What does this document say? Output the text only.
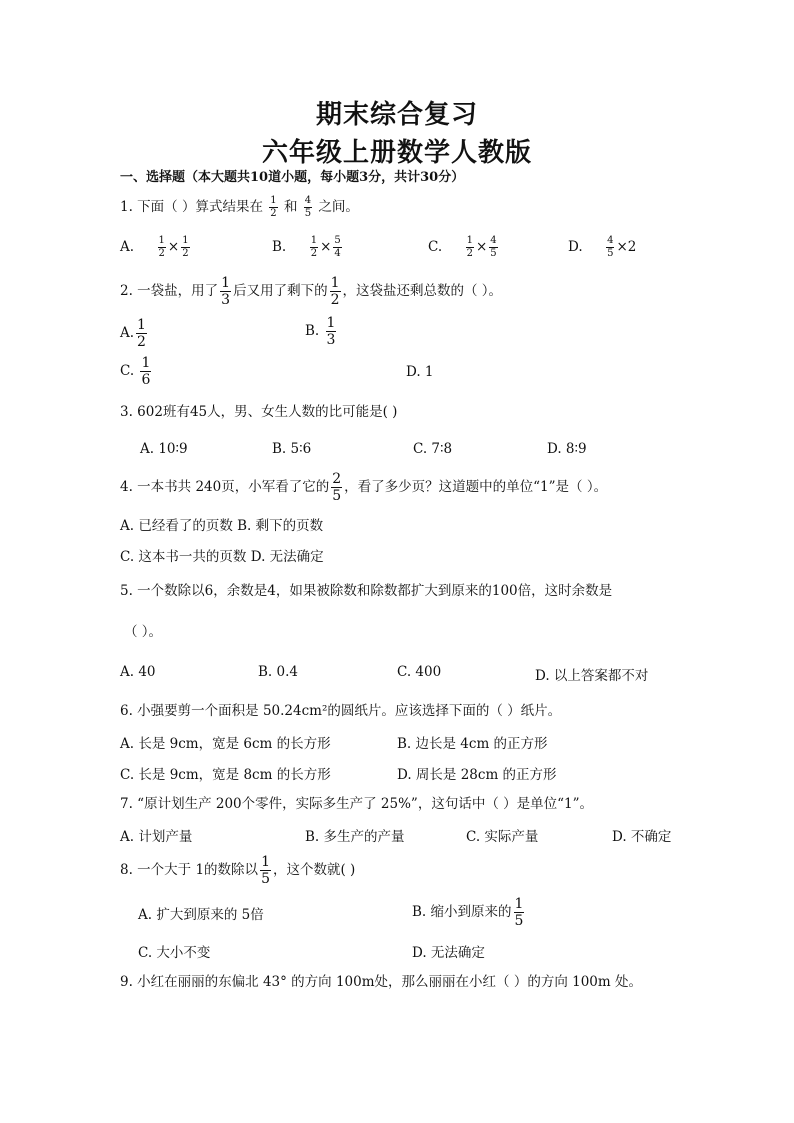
期末综合复习
六年级上册数学人教版
一、选择题（本大题共10道小题，每小题3分，共计30分）
1. 下面（ ）算式结果在 $\frac{1}{2}$ 和 $\frac{4}{5}$ 之间。
A. $\frac{1}{2} \times \frac{1}{2}$	B. $\frac{1}{2} \times \frac{5}{4}$	C. $\frac{1}{2} \times \frac{4}{5}$	D. $\frac{4}{5} \times 2$
2. 一袋盐，用了 $\frac{1}{3}$ 后又用了剩下的 $\frac{1}{2}$ ，这袋盐还剩总数的（ ）。
A. $\frac{1}{2}$	B. $\frac{1}{3}$
C. $\frac{1}{6}$	D. 1
3. 602班有45人，男、女生人数的比可能是( )
A. 10∶9	B. 5∶6	C. 7∶8	D. 8∶9
4. 一本书共 240页，小军看了它的 $\frac{2}{5}$ ，看了多少页？这道题中的单位“1”是（ ）。
A. 已经看了的页数 B. 剩下的页数
C. 这本书一共的页数 D. 无法确定
5. 一个数除以6，余数是4，如果被除数和除数都扩大到原来的100倍，这时余数是
（ ）。
A. 40	B. 0.4	C. 400	D. 以上答案都不对
6. 小强要剪一个面积是 50.24cm²的圆纸片。应该选择下面的（ ）纸片。
A. 长是 9cm，宽是 6cm 的长方形	B. 边长是 4cm 的正方形
C. 长是 9cm，宽是 8cm 的长方形	D. 周长是 28cm 的正方形
7. “原计划生产 200个零件，实际多生产了 25%”，这句话中（ ）是单位“1”。
A. 计划产量	B. 多生产的产量	C. 实际产量	D. 不确定
8. 一个大于 1的数除以 $\frac{1}{5}$ ，这个数就( )
A. 扩大到原来的 5倍	B. 缩小到原来的 $\frac{1}{5}$
C. 大小不变	D. 无法确定
9. 小红在丽丽的东偏北 43° 的方向 100m处，那么丽丽在小红（ ）的方向 100m 处。
